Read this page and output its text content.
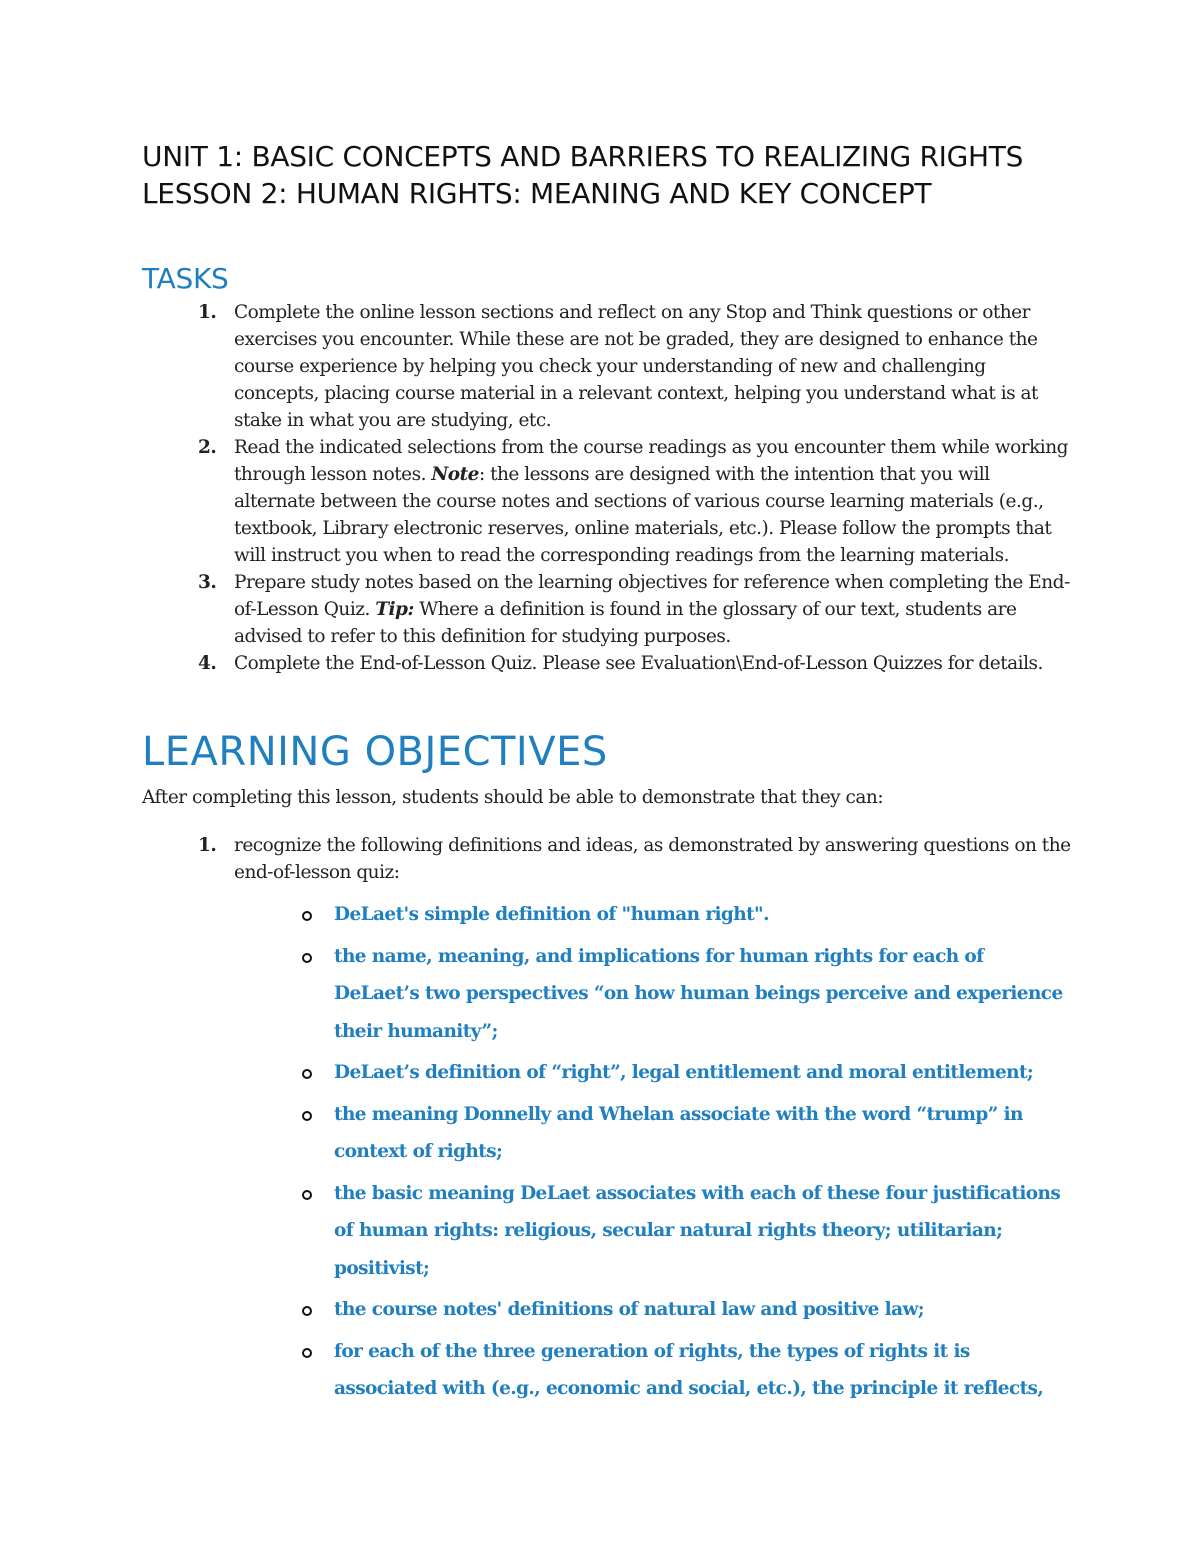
UNIT 1: BASIC CONCEPTS AND BARRIERS TO REALIZING RIGHTS
LESSON 2: HUMAN RIGHTS: MEANING AND KEY CONCEPT
TASKS
1. Complete the online lesson sections and reflect on any Stop and Think questions or other exercises you encounter. While these are not be graded, they are designed to enhance the course experience by helping you check your understanding of new and challenging concepts, placing course material in a relevant context, helping you understand what is at stake in what you are studying, etc.
2. Read the indicated selections from the course readings as you encounter them while working through lesson notes. Note: the lessons are designed with the intention that you will alternate between the course notes and sections of various course learning materials (e.g., textbook, Library electronic reserves, online materials, etc.). Please follow the prompts that will instruct you when to read the corresponding readings from the learning materials.
3. Prepare study notes based on the learning objectives for reference when completing the End-of-Lesson Quiz. Tip: Where a definition is found in the glossary of our text, students are advised to refer to this definition for studying purposes.
4. Complete the End-of-Lesson Quiz. Please see Evaluation\End-of-Lesson Quizzes for details.
LEARNING OBJECTIVES
After completing this lesson, students should be able to demonstrate that they can:
1. recognize the following definitions and ideas, as demonstrated by answering questions on the end-of-lesson quiz:
DeLaet's simple definition of "human right".
the name, meaning, and implications for human rights for each of DeLaet’s two perspectives “on how human beings perceive and experience their humanity”;
DeLaet’s definition of “right”, legal entitlement and moral entitlement;
the meaning Donnelly and Whelan associate with the word “trump” in context of rights;
the basic meaning DeLaet associates with each of these four justifications of human rights: religious, secular natural rights theory; utilitarian; positivist;
the course notes' definitions of natural law and positive law;
for each of the three generation of rights, the types of rights it is associated with (e.g., economic and social, etc.), the principle it reflects,
